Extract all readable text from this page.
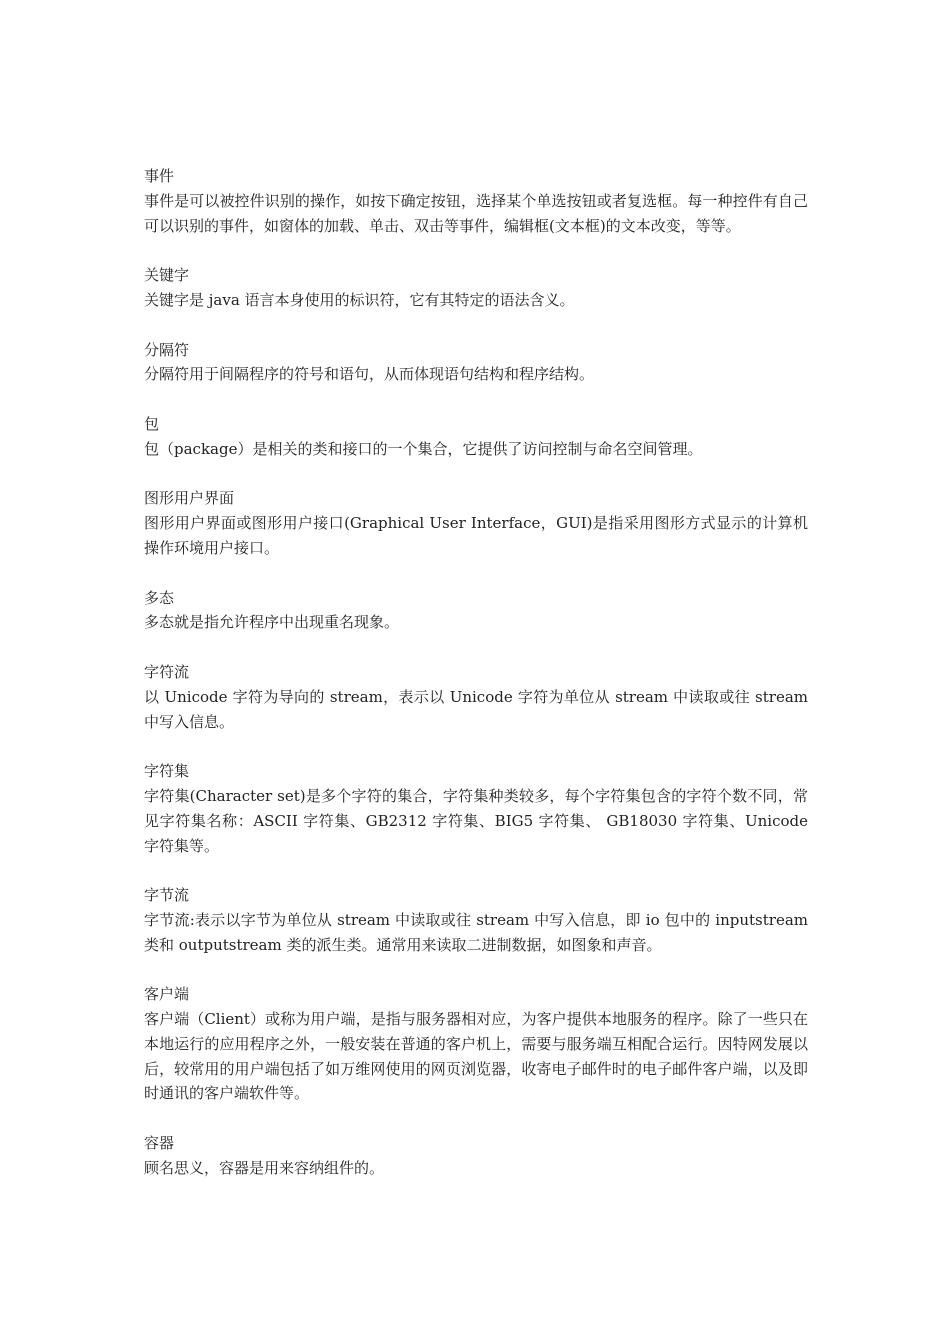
事件

事件是可以被控件识别的操作，如按下确定按钮，选择某个单选按钮或者复选框。每一种控件有自己可以识别的事件，如窗体的加载、单击、双击等事件，编辑框(文本框)的文本改变，等等。

关键字

关键字是 java 语言本身使用的标识符，它有其特定的语法含义。

分隔符

分隔符用于间隔程序的符号和语句，从而体现语句结构和程序结构。

包

包（package）是相关的类和接口的一个集合，它提供了访问控制与命名空间管理。

图形用户界面

图形用户界面或图形用户接口(Graphical User Interface，GUI)是指采用图形方式显示的计算机操作环境用户接口。

多态

多态就是指允许程序中出现重名现象。

字符流

以 Unicode 字符为导向的 stream，表示以 Unicode 字符为单位从 stream 中读取或往 stream 中写入信息。

字符集

字符集(Character set)是多个字符的集合，字符集种类较多，每个字符集包含的字符个数不同，常见字符集名称：ASCII 字符集、GB2312 字符集、BIG5 字符集、 GB18030 字符集、Unicode 字符集等。

字节流

字节流:表示以字节为单位从 stream 中读取或往 stream 中写入信息，即 io 包中的 inputstream 类和 outputstream 类的派生类。通常用来读取二进制数据，如图象和声音。

客户端

客户端（Client）或称为用户端，是指与服务器相对应，为客户提供本地服务的程序。除了一些只在本地运行的应用程序之外，一般安装在普通的客户机上，需要与服务端互相配合运行。因特网发展以后，较常用的用户端包括了如万维网使用的网页浏览器，收寄电子邮件时的电子邮件客户端，以及即时通讯的客户端软件等。

容器

顾名思义，容器是用来容纳组件的。
